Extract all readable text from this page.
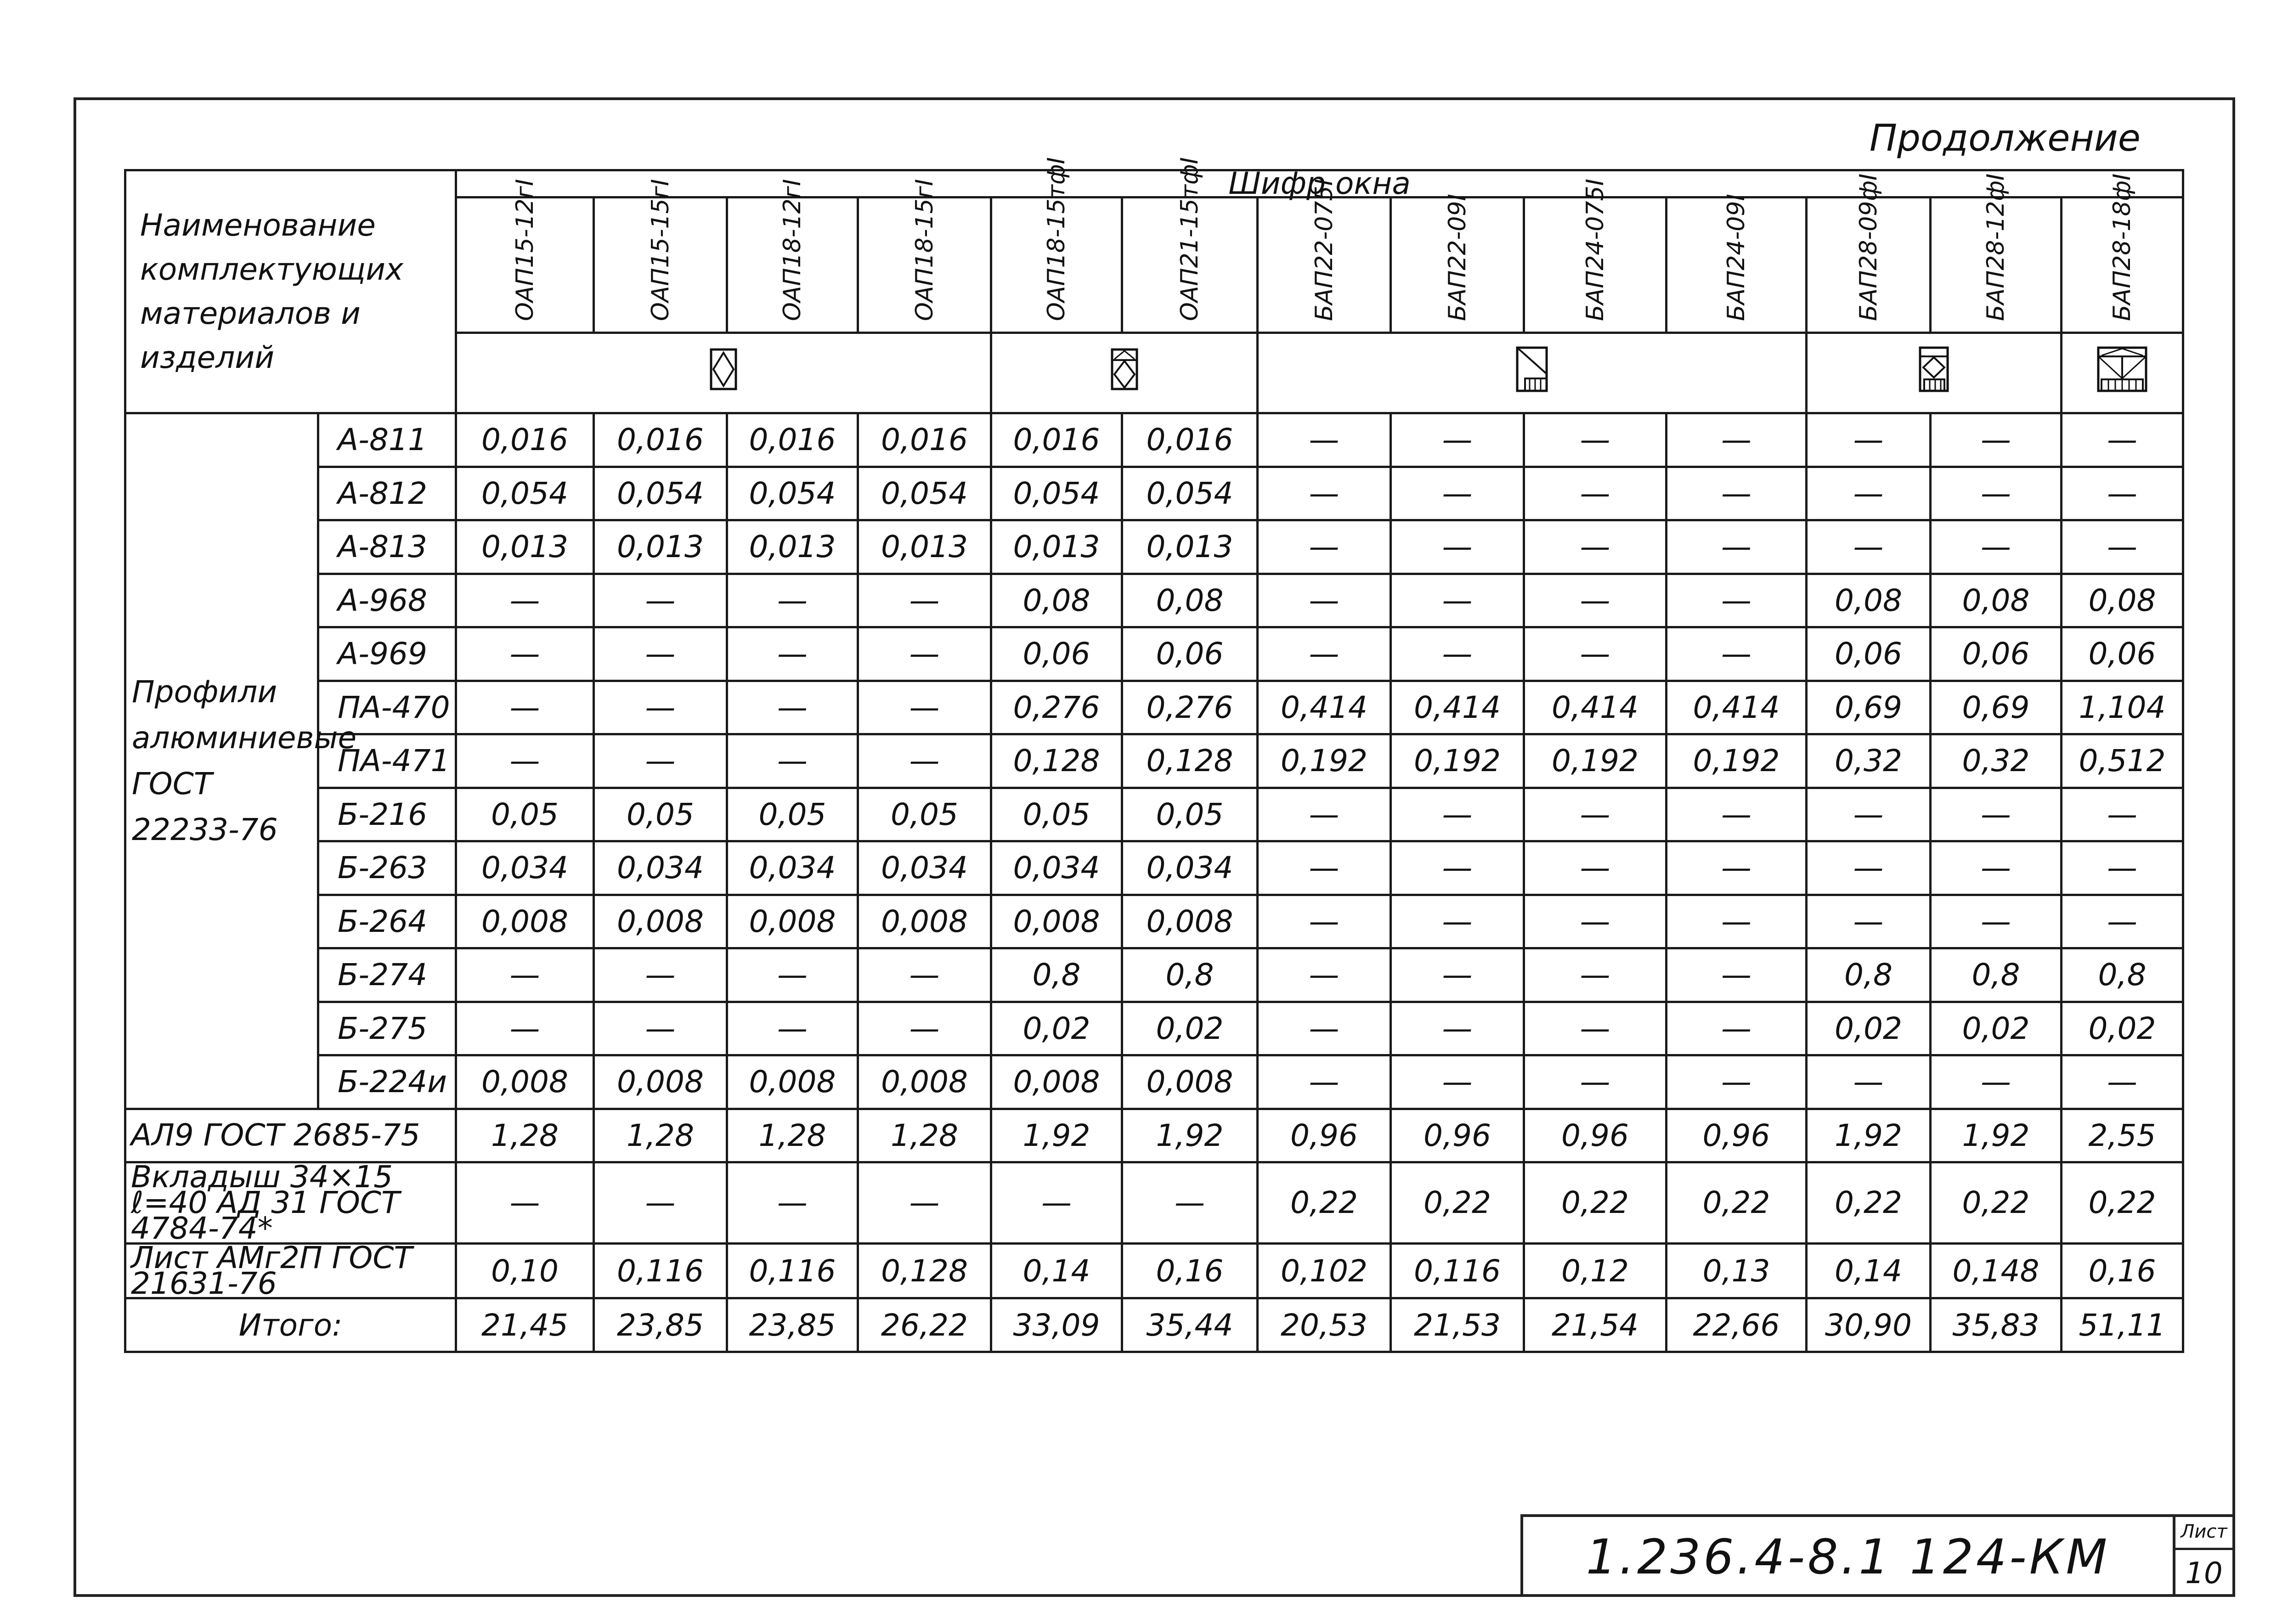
Продолжение
Наименование комплектующих материалов и изделий		Шифр окна												
		ОАП15-12гI	ОАП15-15гI	ОАП18-12гI	ОАП18-15гI	ОАП18-15тфI	ОАП21-15тфI	БАП22-075I	БАП22-09I	БАП24-075I	БАП24-09I	БАП28-09фI	БАП28-12фI	БАП28-18фI

Профили алюминиевые ГОСТ 22233-76	А-811	0,016	0,016	0,016	0,016	0,016	0,016	—	—	—	—	—	—	—
	А-812	0,054	0,054	0,054	0,054	0,054	0,054	—	—	—	—	—	—	—
	А-813	0,013	0,013	0,013	0,013	0,013	0,013	—	—	—	—	—	—	—
	А-968	—	—	—	—	0,08	0,08	—	—	—	—	0,08	0,08	0,08
	А-969	—	—	—	—	0,06	0,06	—	—	—	—	0,06	0,06	0,06
	ПА-470	—	—	—	—	0,276	0,276	0,414	0,414	0,414	0,414	0,69	0,69	1,104
	ПА-471	—	—	—	—	0,128	0,128	0,192	0,192	0,192	0,192	0,32	0,32	0,512
	Б-216	0,05	0,05	0,05	0,05	0,05	0,05	—	—	—	—	—	—	—
	Б-263	0,034	0,034	0,034	0,034	0,034	0,034	—	—	—	—	—	—	—
	Б-264	0,008	0,008	0,008	0,008	0,008	0,008	—	—	—	—	—	—	—
	Б-274	—	—	—	—	0,8	0,8	—	—	—	—	0,8	0,8	0,8
	Б-275	—	—	—	—	0,02	0,02	—	—	—	—	0,02	0,02	0,02
	Б-224и	0,008	0,008	0,008	0,008	0,008	0,008	—	—	—	—	—	—	—
АЛ9 ГОСТ 2685-75		1,28	1,28	1,28	1,28	1,92	1,92	0,96	0,96	0,96	0,96	1,92	1,92	2,55
Вкладыш 34×15 ℓ=40 АД 31 ГОСТ 4784-74*		—	—	—	—	—	—	0,22	0,22	0,22	0,22	0,22	0,22	0,22
Лист АМг2П ГОСТ 21631-76		0,10	0,116	0,116	0,128	0,14	0,16	0,102	0,116	0,12	0,13	0,14	0,148	0,16
Итого:		21,45	23,85	23,85	26,22	33,09	35,44	20,53	21,53	21,54	22,66	30,90	35,83	51,11
1.236.4-8.1 124-КМ	Лист
10
